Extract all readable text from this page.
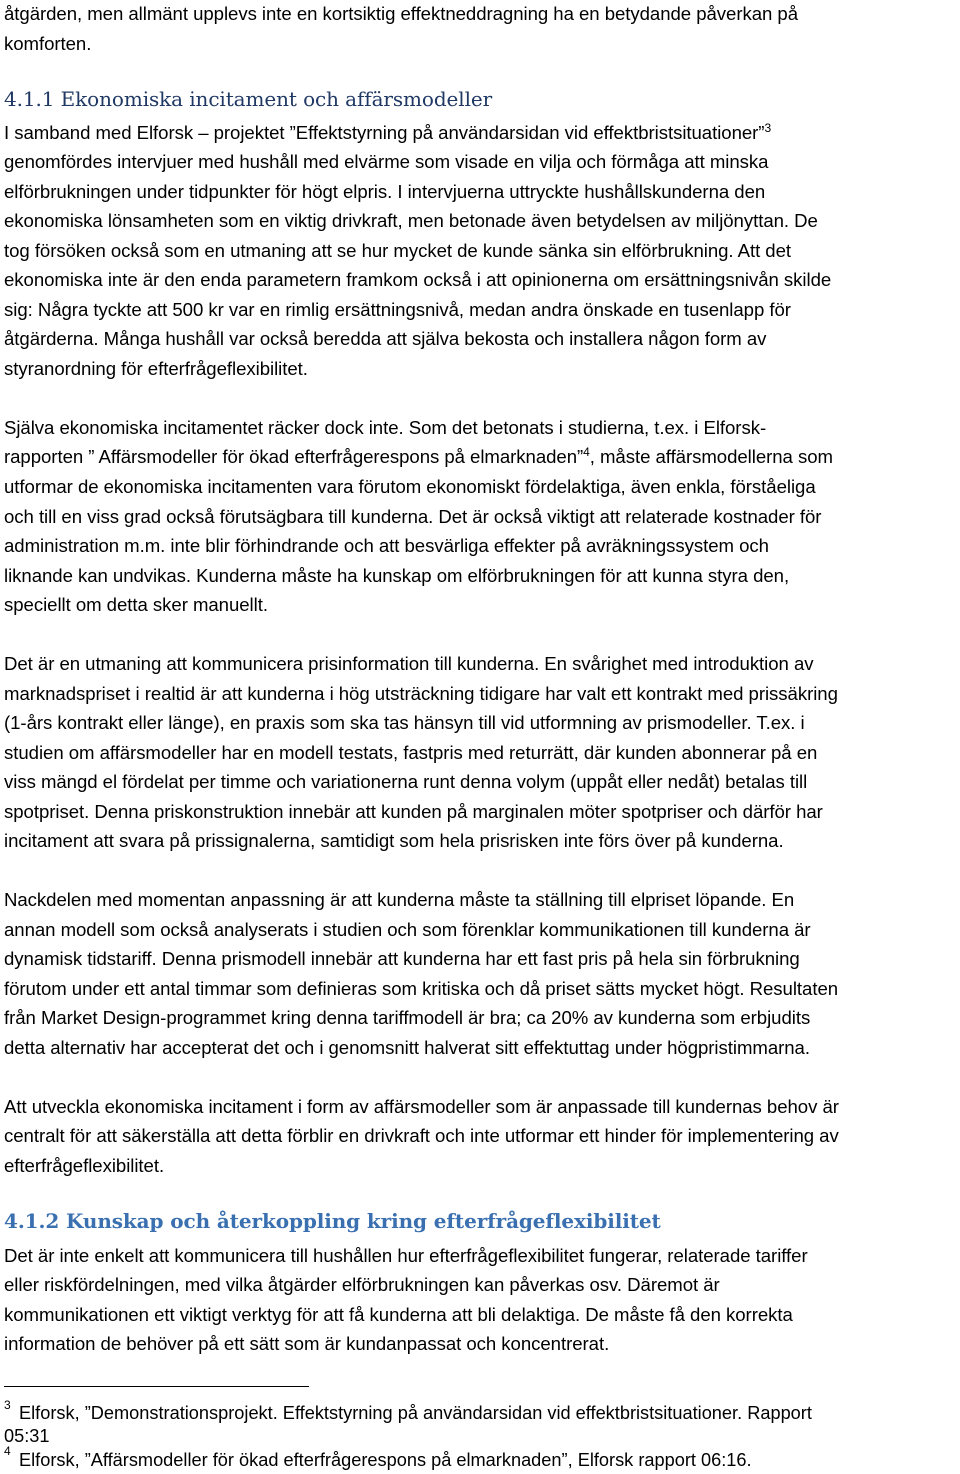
åtgärden, men allmänt upplevs inte en kortsiktig effektneddragning ha en betydande påverkan på
komforten.
4.1.1 Ekonomiska incitament och affärsmodeller
I samband med Elforsk – projektet ”Effektstyrning på användarsidan vid effektbristsituationer”$^3$
genomfördes intervjuer med hushåll med elvärme som visade en vilja och förmåga att minska
elförbrukningen under tidpunkter för högt elpris. I intervjuerna uttryckte hushållskunderna den
ekonomiska lönsamheten som en viktig drivkraft, men betonade även betydelsen av miljönyttan. De
tog försöken också som en utmaning att se hur mycket de kunde sänka sin elförbrukning. Att det
ekonomiska inte är den enda parametern framkom också i att opinionerna om ersättningsnivån skilde
sig: Några tyckte att 500 kr var en rimlig ersättningsnivå, medan andra önskade en tusenlapp för
åtgärderna. Många hushåll var också beredda att själva bekosta och installera någon form av
styranordning för efterfrågeflexibilitet.
Själva ekonomiska incitamentet räcker dock inte. Som det betonats i studierna, t.ex. i Elforsk-
rapporten ” Affärsmodeller för ökad efterfrågerespons på elmarknaden”$^4$, måste affärsmodellerna som
utformar de ekonomiska incitamenten vara förutom ekonomiskt fördelaktiga, även enkla, förståeliga
och till en viss grad också förutsägbara till kunderna. Det är också viktigt att relaterade kostnader för
administration m.m. inte blir förhindrande och att besvärliga effekter på avräkningssystem och
liknande kan undvikas. Kunderna måste ha kunskap om elförbrukningen för att kunna styra den,
speciellt om detta sker manuellt.
Det är en utmaning att kommunicera prisinformation till kunderna. En svårighet med introduktion av
marknadspriset i realtid är att kunderna i hög utsträckning tidigare har valt ett kontrakt med prissäkring
(1-års kontrakt eller länge), en praxis som ska tas hänsyn till vid utformning av prismodeller. T.ex. i
studien om affärsmodeller har en modell testats, fastpris med returrätt, där kunden abonnerar på en
viss mängd el fördelat per timme och variationerna runt denna volym (uppåt eller nedåt) betalas till
spotpriset. Denna priskonstruktion innebär att kunden på marginalen möter spotpriser och därför har
incitament att svara på prissignalerna, samtidigt som hela prisrisken inte förs över på kunderna.
Nackdelen med momentan anpassning är att kunderna måste ta ställning till elpriset löpande. En
annan modell som också analyserats i studien och som förenklar kommunikationen till kunderna är
dynamisk tidstariff. Denna prismodell innebär att kunderna har ett fast pris på hela sin förbrukning
förutom under ett antal timmar som definieras som kritiska och då priset sätts mycket högt. Resultaten
från Market Design-programmet kring denna tariffmodell är bra; ca 20% av kunderna som erbjudits
detta alternativ har accepterat det och i genomsnitt halverat sitt effektuttag under högpristimmarna.
Att utveckla ekonomiska incitament i form av affärsmodeller som är anpassade till kundernas behov är
centralt för att säkerställa att detta förblir en drivkraft och inte utformar ett hinder för implementering av
efterfrågeflexibilitet.
4.1.2 Kunskap och återkoppling kring efterfrågeflexibilitet
Det är inte enkelt att kommunicera till hushållen hur efterfrågeflexibilitet fungerar, relaterade tariffer
eller riskfördelningen, med vilka åtgärder elförbrukningen kan påverkas osv. Däremot är
kommunikationen ett viktigt verktyg för att få kunderna att bli delaktiga. De måste få den korrekta
information de behöver på ett sätt som är kundanpassat och koncentrerat.
3 Elforsk, ”Demonstrationsprojekt. Effektstyrning på användarsidan vid effektbristsituationer. Rapport
05:31
4 Elforsk, ”Affärsmodeller för ökad efterfrågerespons på elmarknaden”, Elforsk rapport 06:16.
